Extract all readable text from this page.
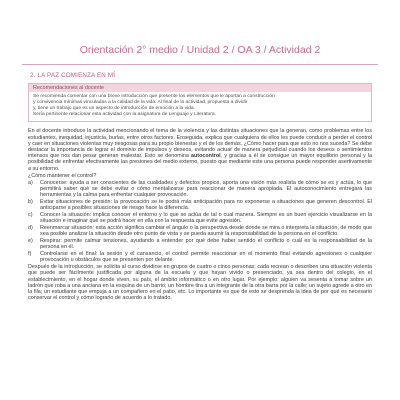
Orientación 2° medio / Unidad 2 / OA 3 / Actividad 2
2. LA PAZ COMIENZA EN MÍ
Recomendaciones al docente
Se recomienda comentar con una breve introducción que presente los elementos que le aportan a construcción
y convivencia mínimas vinculadas a la calidad de la vida. Al final de la actividad, propuesta a dividir
y, tiene un trabajo que es un aspecto de introducción de emoción a la vida.
Sería pertinente relacionar esta actividad con la asignatura de Lenguaje y Literatura.
En el docente introduce la actividad mencionando el tema de la violencia y las distintas situaciones que la generan, como problemas entre los estudiantes, inequidad, injusticia, burlas, entre otros factores. Enseguida, explica que cualquiera de ellos les puede conducir a perder el control y caer en situaciones violentas muy riesgosas para su propio bienestar y el de los demás. ¿Cómo hacer para que esto no nos suceda? Se debe destacar la importancia de lograr el dominio de impulsos y deseos, evitando actuar de manera perjudicial cuando los deseos o sentimientos intensos que nos dan pesar generan malestar. Esto se denomina autocontrol, y gracias a él se consigue un mayor equilibrio personal y la posibilidad de enfrentar efectivamente las presiones del medio externo, puesto que mediante este una persona puede responder asertivamente a su entorno.
¿Cómo mantener el control?
a)	Conocerse: ayuda a ser conscientes de las cualidades y defectos propios, aporta una visión más realista de cómo se es y actúa, lo que permitirá saber qué se debe evitar o cómo mentalizarse para reaccionar de manera apropiada. El autoconocimiento entregará las herramientas y la calma para enfrentar cualquier provocación.
b)	Evitar situaciones de presión: la provocación se te podrá más anticipación para no exponerse a situaciones que generen descontrol. El anticiparse a posibles situaciones de riesgo hace la diferencia.
c)	Conocer la situación: implica conocer el entorno y lo que se actúa de tal o cual manera. Siempre es un buen ejercicio visualizarse en la situación e imaginar qué se podrá hacer en ella con la respuesta que evite agresión.
d)	Reenmarcar situación: esta acción significa cambiar el ángulo o la perspectiva desde donde se mira o interpreta la situación, de modo que sea posible analizar la situación desde otro punto de vista y se pueda asumir la responsabilidad de la persona en el conflicto.
e)	Respirar: permite calmar tensiones, ayudando a entender por qué debe haber sentido el conflicto o cuál es la responsabilidad de la persona en él.
f)	Controlarse en el final: la sesión y el cansancio, el control permite reaccionar en el momento final evitando agresiones o cualquier provocación u obstáculos que se presenten por delante.
Después de la introducción, se solicita al curso dividirse en grupos de cuatro o cinco personas; cada recrean o describen una situación violenta que puede ser fácilmente justificada por alguna de la escuela y que hayan vivido o presenciado, ya sea dentro del colegio, en el establecimiento, en el hogar donde viven, su país, el ámbito informático o en otro lugar. Por ejemplo: alguien va sesenta a tomar sobre un ladrón que roba a una anciana en la esquina de un barrio; un hombre tira a un integrante de la otra barra por la calle; un sujeto agrede a otro en la fila; un estudiante que empuja a un compañero en el patio, etc. Lo importante es que de esto se desprenda la idea de por qué es necesario conservar el control y cómo lograrlo de acuerdo a lo tratado.
